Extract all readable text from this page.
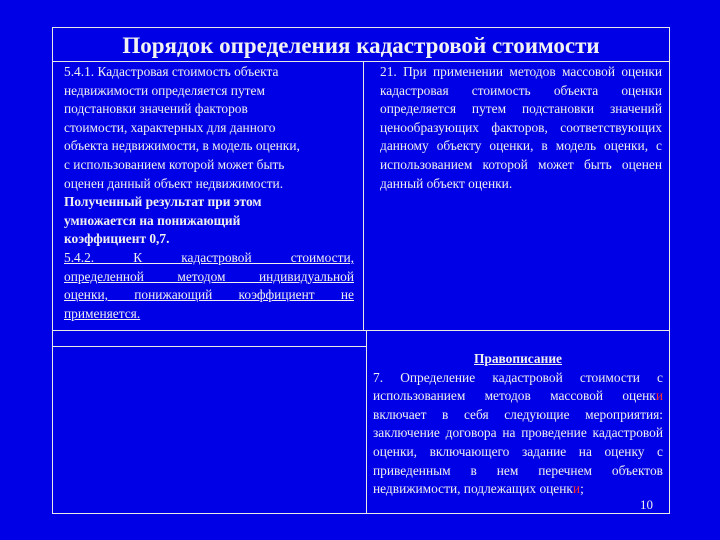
Порядок определения кадастровой стоимости
5.4.1. Кадастровая стоимость объекта
недвижимости определяется путем
подстановки значений факторов
стоимости, характерных для данного
объекта недвижимости, в модель оценки,
с использованием которой может быть
оценен данный объект недвижимости.
Полученный результат при этом
умножается на понижающий
коэффициент 0,7.
5.4.2. К кадастровой стоимости,
определенной методом индивидуальной
оценки, понижающий коэффициент не
применяется.
21. При применении методов массовой оценки кадастровая стоимость объекта оценки определяется путем подстановки значений ценообразующих факторов, соответствующих данному объекту оценки, в модель оценки, с использованием которой может быть оценен данный объект оценки.
Правописание
7. Определение кадастровой стоимости с использованием методов массовой оценки включает в себя следующие мероприятия: заключение договора на проведение кадастровой оценки, включающего задание на оценку с приведенным в нем перечнем объектов недвижимости, подлежащих оценки;
10
